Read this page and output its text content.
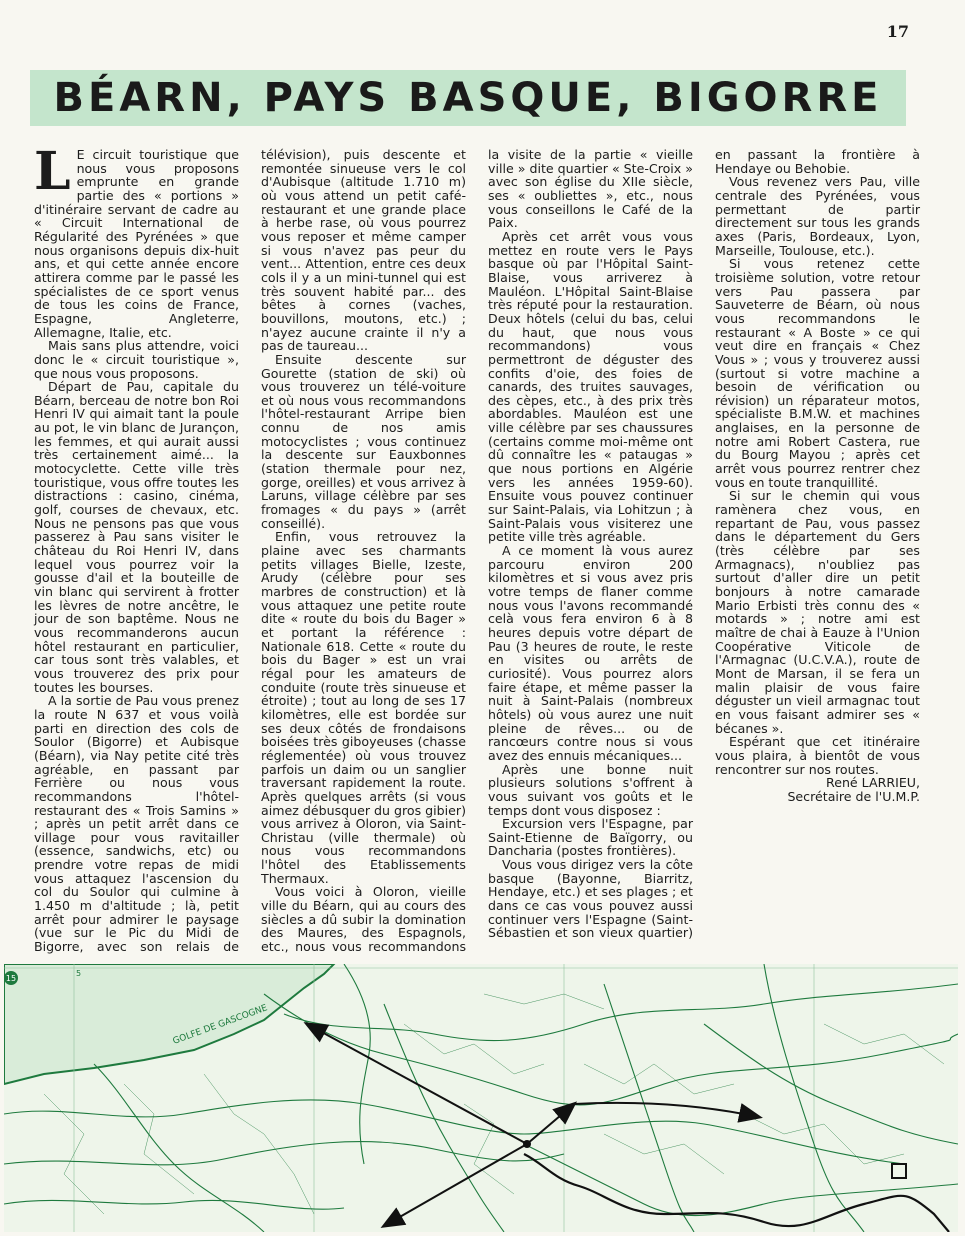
17
BÉARN, PAYS BASQUE, BIGORRE

L E circuit touristique que nous vous proposons emprunte en grande partie des « portions » d'itinéraire servant de cadre au « Circuit International de Régularité des Pyrénées » que nous organisons depuis dix-huit ans, et qui cette année encore attirera comme par le passé les spécialistes de ce sport venus de tous les coins de France, Espagne, Angleterre, Allemagne, Italie, etc.

Mais sans plus attendre, voici donc le « circuit touristique », que nous vous proposons.

Départ de Pau, capitale du Béarn, berceau de notre bon Roi Henri IV qui aimait tant la poule au pot, le vin blanc de Jurançon, les femmes, et qui aurait aussi très certainement aimé... la motocyclette. Cette ville très touristique, vous offre toutes les distractions : casino, cinéma, golf, courses de chevaux, etc. Nous ne pensons pas que vous passerez à Pau sans visiter le château du Roi Henri IV, dans lequel vous pourrez voir la gousse d'ail et la bouteille de vin blanc qui servirent à frotter les lèvres de notre ancêtre, le jour de son baptême. Nous ne vous recommanderons aucun hôtel restaurant en particulier, car tous sont très valables, et vous trouverez des prix pour toutes les bourses.

A la sortie de Pau vous prenez la route N 637 et vous voilà parti en direction des cols de Soulor (Bigorre) et Aubisque (Béarn), via Nay petite cité très agréable, en passant par Ferrière ou nous vous recommandons l'hôtel-restaurant des « Trois Samins » ; après un petit arrêt dans ce village pour vous ravitailler (essence, sandwichs, etc) ou prendre votre repas de midi vous attaquez l'ascension du col du Soulor qui culmine à 1.450 m d'altitude ; là, petit arrêt pour admirer le paysage (vue sur le Pic du Midi de Bigorre, avec son relais de télévision), puis descente et remontée sinueuse vers le col d'Aubisque (altitude 1.710 m) où vous attend un petit café-restaurant et une grande place à herbe rase, où vous pourrez vous reposer et même camper si vous n'avez pas peur du vent... Attention, entre ces deux cols il y a un mini-tunnel qui est très souvent habité par... des bêtes à cornes (vaches, bouvillons, moutons, etc.) ; n'ayez aucune crainte il n'y a pas de taureau...

Ensuite descente sur Gourette (station de ski) où vous trouverez un télé-voiture et où nous vous recommandons l'hôtel-restaurant Arripe bien connu de nos amis motocyclistes ; vous continuez la descente sur Eauxbonnes (station thermale pour nez, gorge, oreilles) et vous arrivez à Laruns, village célèbre par ses fromages « du pays » (arrêt conseillé).

Enfin, vous retrouvez la plaine avec ses charmants petits villages Bielle, Izeste, Arudy (célèbre pour ses marbres de construction) et là vous attaquez une petite route dite « route du bois du Bager » et portant la référence : Nationale 618. Cette « route du bois du Bager » est un vrai régal pour les amateurs de conduite (route très sinueuse et étroite) ; tout au long de ses 17 kilomètres, elle est bordée sur ses deux côtés de frondaisons boisées très giboyeuses (chasse réglementée) où vous trouvez parfois un daim ou un sanglier traversant rapidement la route. Après quelques arrêts (si vous aimez débusquer du gros gibier) vous arrivez à Oloron, via Saint-Christau (ville thermale) où nous vous recommandons l'hôtel des Etablissements Thermaux.

Vous voici à Oloron, vieille ville du Béarn, qui au cours des siècles a dû subir la domination des Maures, des Espagnols, etc., nous vous recommandons la visite de la partie « vieille ville » dite quartier « Ste-Croix » avec son église du XIIe siècle, ses « oubliettes », etc., nous vous conseillons le Café de la Paix.

Après cet arrêt vous vous mettez en route vers le Pays basque où par l'Hôpital Saint-Blaise, vous arriverez à Mauléon. L'Hôpital Saint-Blaise très réputé pour la restauration. Deux hôtels (celui du bas, celui du haut, que nous vous recommandons) vous permettront de déguster des confits d'oie, des foies de canards, des truites sauvages, des cèpes, etc., à des prix très abordables. Mauléon est une ville célèbre par ses chaussures (certains comme moi-même ont dû connaître les « pataugas » que nous portions en Algérie vers les années 1959-60). Ensuite vous pouvez continuer sur Saint-Palais, via Lohitzun ; à Saint-Palais vous visiterez une petite ville très agréable.

A ce moment là vous aurez parcouru environ 200 kilomètres et si vous avez pris votre temps de flaner comme nous vous l'avons recommandé celà vous fera environ 6 à 8 heures depuis votre départ de Pau (3 heures de route, le reste en visites ou arrêts de curiosité). Vous pourrez alors faire étape, et même passer la nuit à Saint-Palais (nombreux hôtels) où vous aurez une nuit pleine de rêves... ou de rancœurs contre nous si vous avez des ennuis mécaniques...

Après une bonne nuit plusieurs solutions s'offrent à vous suivant vos goûts et le temps dont vous disposez :

Excursion vers l'Espagne, par Saint-Etienne de Baïgorry, ou Dancharia (postes frontières).

Vous vous dirigez vers la côte basque (Bayonne, Biarritz, Hendaye, etc.) et ses plages ; et dans ce cas vous pouvez aussi continuer vers l'Espagne (Saint-Sébastien et son vieux quartier) en passant la frontière à Hendaye ou Behobie.

Vous revenez vers Pau, ville centrale des Pyrénées, vous permettant de partir directement sur tous les grands axes (Paris, Bordeaux, Lyon, Marseille, Toulouse, etc.).

Si vous retenez cette troisième solution, votre retour vers Pau passera par Sauveterre de Béarn, où nous vous recommandons le restaurant « A Boste » ce qui veut dire en français « Chez Vous » ; vous y trouverez aussi (surtout si votre machine a besoin de vérification ou révision) un réparateur motos, spécialiste B.M.W. et machines anglaises, en la personne de notre ami Robert Castera, rue du Bourg Mayou ; après cet arrêt vous pourrez rentrer chez vous en toute tranquillité.

Si sur le chemin qui vous ramènera chez vous, en repartant de Pau, vous passez dans le département du Gers (très célèbre par ses Armagnacs), n'oubliez pas surtout d'aller dire un petit bonjours à notre camarade Mario Erbisti très connu des « motards » ; notre ami est maître de chai à Eauze à l'Union Coopérative Viticole de l'Armagnac (U.C.V.A.), route de Mont de Marsan, il se fera un malin plaisir de vous faire déguster un vieil armagnac tout en vous faisant admirer ses « bécanes ».

Espérant que cet itinéraire vous plaira, à bientôt de vous rencontrer sur nos routes.

René LARRIEU,

Secrétaire de l'U.M.P.

GOLFE DE GASCOGNE
15
5
